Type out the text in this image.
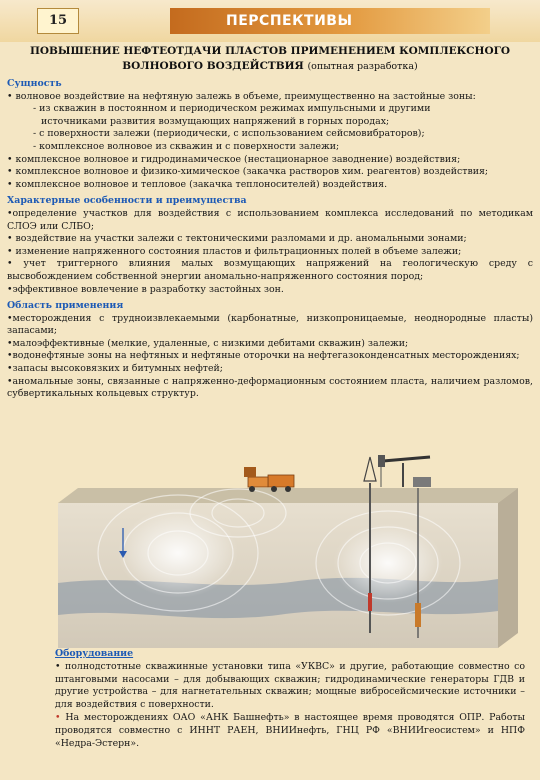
15	ПЕРСПЕКТИВЫ
ПОВЫШЕНИЕ НЕФТЕОТДАЧИ ПЛАСТОВ ПРИМЕНЕНИЕМ КОМПЛЕКСНОГО
ВОЛНОВОГО ВОЗДЕЙСТВИЯ (опытная разработка)
Сущность

• волновое воздействие на нефтяную залежь в объеме, преимущественно на застойные зоны:

- из скважин в постоянном и периодическом режимах импульсными и другими

источниками развития возмущающих напряжений в горных породах;

- с поверхности залежи (периодически, с использованием сейсмовибраторов);

- комплексное волновое из скважин и с поверхности залежи;

• комплексное волновое и гидродинамическое (нестационарное заводнение) воздействия;

• комплексное волновое и физико-химическое (закачка растворов хим. реагентов) воздействия;

• комплексное волновое и тепловое (закачка теплоносителей) воздействия.

Характерные особенности и преимущества

•определение участков для воздействия с использованием комплекса исследований по методикам СЛОЭ или СЛБО;

• воздействие на участки залежи с тектоническими разломами и др. аномальными зонами;

• изменение напряженного состояния пластов и фильтрационных полей в объеме залежи;

• учет триггерного влияния малых возмущающих напряжений на геологическую среду с высвобождением собственной энергии аномально-напряженного состояния пород;

•эффективное вовлечение в разработку застойных зон.

Область применения

•месторождения с трудноизвлекаемыми (карбонатные, низкопроницаемые, неоднородные пласты) запасами;

•малоэффективные (мелкие, удаленные, с низкими дебитами скважин) залежи;

•водонефтяные зоны на нефтяных и нефтяные оторочки на нефтегазоконденсатных месторождениях;

•запасы высоковязких и битумных нефтей;

•аномальные зоны, связанные с напряженно-деформационным состоянием пласта, наличием разломов, субвертикальных кольцевых структур.

Оборудование

• полнодстотные скважинные установки типа «УКВС» и другие, работающие совместно со штанговыми насосами – для добывающих скважин; гидродинамические генераторы ГДВ и другие устройства – для нагнетательных скважин; мощные вибросейсмические источники – для воздействия с поверхности.

• На месторождениях ОАО «АНК Башнефть» в настоящее время проводятся ОПР. Работы проводятся совместно с ИННТ РАЕН, ВНИИнефть, ГНЦ РФ «ВНИИгеосистем» и НПФ «Недра-Эстерн».
